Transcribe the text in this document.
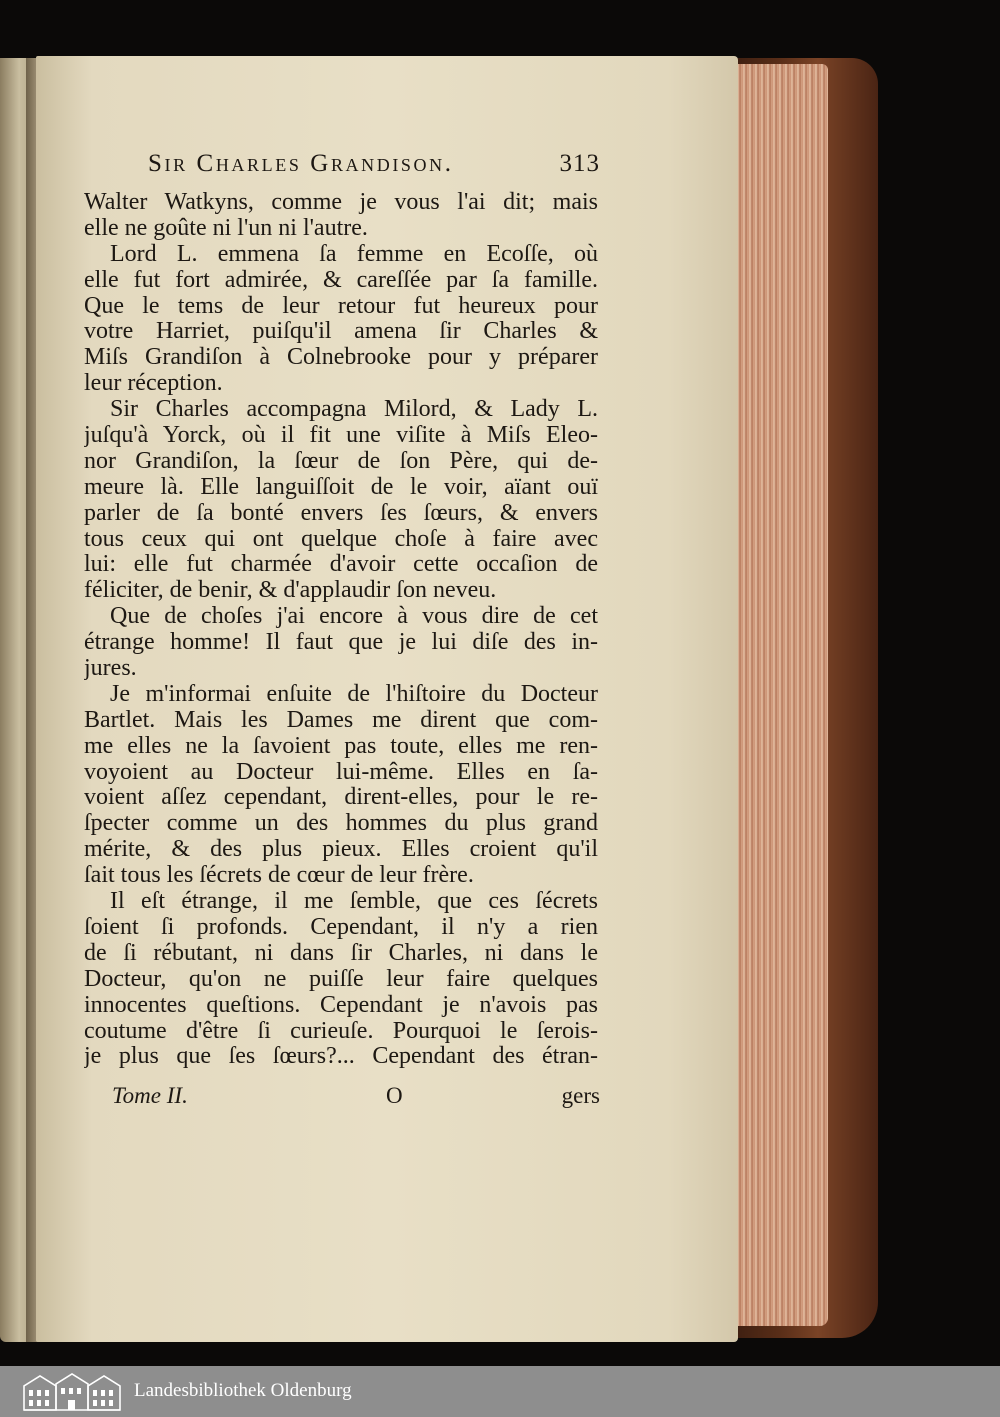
Sir Charles Grandison.	313
Walter Watkyns, comme je vous l'ai dit; mais
elle ne goûte ni l'un ni l'autre.
Lord L. emmena ſa femme en Ecoſſe, où
elle fut fort admirée, & careſſée par ſa famille.
Que le tems de leur retour fut heureux pour
votre Harriet, puiſqu'il amena ſir Charles &
Miſs Grandiſon à Colnebrooke pour y préparer
leur réception.
Sir Charles accompagna Milord, & Lady L.
juſqu'à Yorck, où il fit une viſite à Miſs Eleo-
nor Grandiſon, la ſœur de ſon Père, qui de-
meure là. Elle languiſſoit de le voir, aïant ouï
parler de ſa bonté envers ſes ſœurs, & envers
tous ceux qui ont quelque choſe à faire avec
lui: elle fut charmée d'avoir cette occaſion de
féliciter, de benir, & d'applaudir ſon neveu.
Que de choſes j'ai encore à vous dire de cet
étrange homme! Il faut que je lui diſe des in-
jures.
Je m'informai enſuite de l'hiſtoire du Docteur
Bartlet. Mais les Dames me dirent que com-
me elles ne la ſavoient pas toute, elles me ren-
voyoient au Docteur lui-même. Elles en ſa-
voient aſſez cependant, dirent-elles, pour le re-
ſpecter comme un des hommes du plus grand
mérite, & des plus pieux. Elles croient qu'il
ſait tous les ſécrets de cœur de leur frère.
Il eſt étrange, il me ſemble, que ces ſécrets
ſoient ſi profonds. Cependant, il n'y a rien
de ſi rébutant, ni dans ſir Charles, ni dans le
Docteur, qu'on ne puiſſe leur faire quelques
innocentes queſtions. Cependant je n'avois pas
coutume d'être ſi curieuſe. Pourquoi le ſerois-
je plus que ſes ſœurs?... Cependant des étran-
Tome II.	O	gers
Landesbibliothek Oldenburg
